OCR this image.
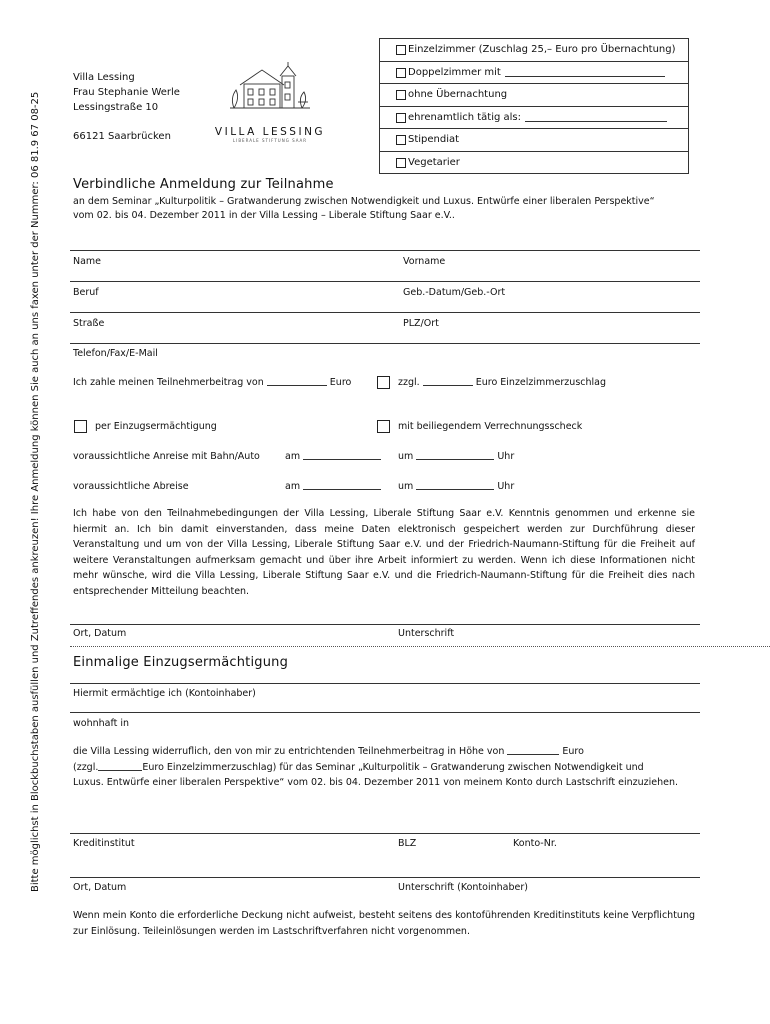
Bitte möglichst in Blockbuchstaben ausfüllen und Zutreffendes ankreuzen! Ihre Anmeldung können Sie auch an uns faxen unter der Nummer: 06 81.9 67 08-25
Villa Lessing
Frau Stephanie Werle
Lessingstraße 10
66121 Saarbrücken	VILLA LESSING
LIBERALE STIFTUNG SAAR
Einzelzimmer (Zuschlag 25,– Euro pro Übernachtung)
Doppelzimmer mit
ohne Übernachtung
ehrenamtlich tätig als:
Stipendiat
Vegetarier
Verbindliche Anmeldung zur Teilnahme
an dem Seminar „Kulturpolitik – Gratwanderung zwischen Notwendigkeit und Luxus. Entwürfe einer liberalen Perspektive“
vom 02. bis 04. Dezember 2011 in der Villa Lessing – Liberale Stiftung Saar e.V..
Name	Vorname
Beruf	Geb.-Datum/Geb.-Ort
Straße	PLZ/Ort
Telefon/Fax/E-Mail
Ich zahle meinen Teilnehmerbeitrag von	Euro	zzgl.	Euro Einzelzimmerzuschlag
per Einzugsermächtigung	mit beiliegendem Verrechnungsscheck
voraussichtliche Anreise mit Bahn/Auto	am	um	Uhr
voraussichtliche Abreise	am	um	Uhr
Ich habe von den Teilnahmebedingungen der Villa Lessing, Liberale Stiftung Saar e.V. Kenntnis genommen und erkenne sie hiermit an. Ich bin damit einverstanden, dass meine Daten elektronisch gespeichert werden zur Durchführung dieser Veranstaltung und um von der Villa Lessing, Liberale Stiftung Saar e.V. und der Friedrich-Naumann-Stiftung für die Freiheit auf weitere Veranstaltungen aufmerksam gemacht und über ihre Arbeit informiert zu werden. Wenn ich diese Informationen nicht mehr wünsche, wird die Villa Lessing, Liberale Stiftung Saar e.V. und die Friedrich-Naumann-Stiftung für die Freiheit dies nach entsprechender Mitteilung beachten.
Ort, Datum	Unterschrift
Einmalige Einzugsermächtigung
Hiermit ermächtige ich (Kontoinhaber)
wohnhaft in
die Villa Lessing widerruflich, den von mir zu entrichtenden Teilnehmerbeitrag in Höhe von	Euro
(zzgl.	Euro Einzelzimmerzuschlag) für das Seminar „Kulturpolitik – Gratwanderung zwischen Notwendigkeit und
Luxus. Entwürfe einer liberalen Perspektive“ vom 02. bis 04. Dezember 2011 von meinem Konto durch Lastschrift einzuziehen.
Kreditinstitut	BLZ	Konto-Nr.
Ort, Datum	Unterschrift (Kontoinhaber)
Wenn mein Konto die erforderliche Deckung nicht aufweist, besteht seitens des kontoführenden Kreditinstituts keine Verpflichtung zur Einlösung. Teileinlösungen werden im Lastschriftverfahren nicht vorgenommen.
